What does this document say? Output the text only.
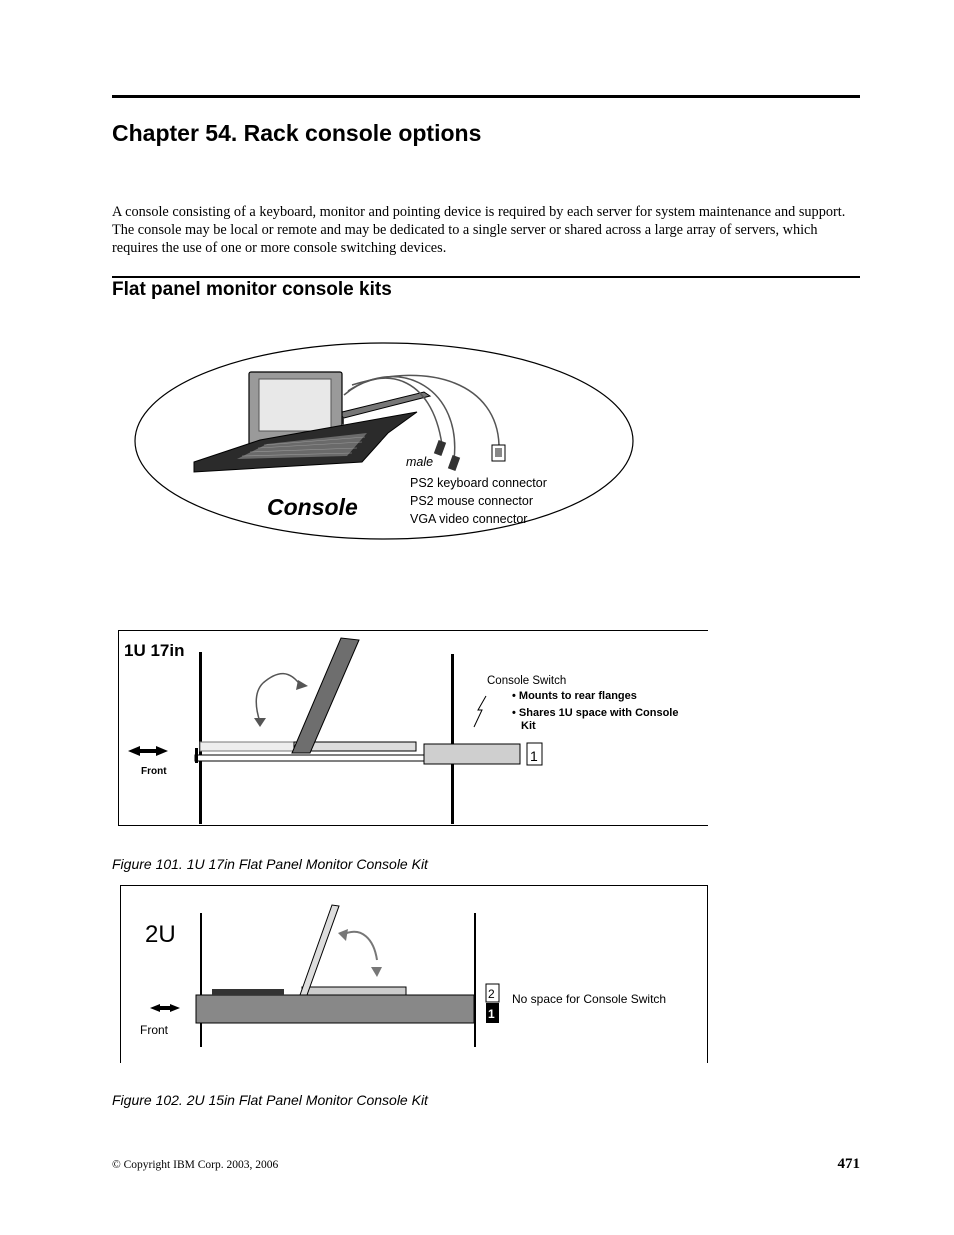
Chapter 54. Rack console options
A console consisting of a keyboard, monitor and pointing device is required by each server for system maintenance and support. The console may be local or remote and may be dedicated to a single server or shared across a large array of servers, which requires the use of one or more console switching devices.
Flat panel monitor console kits
Console
male
PS2 keyboard connector
PS2 mouse connector
VGA video connector
1U 17in
Front
Console Switch
• Mounts to rear flanges
• Shares 1U space with Console
Kit
1
Figure 101. 1U 17in Flat Panel Monitor Console Kit
2U
Front
2
1
No space for Console Switch
Figure 102. 2U 15in Flat Panel Monitor Console Kit
© Copyright IBM Corp. 2003, 2006	471
